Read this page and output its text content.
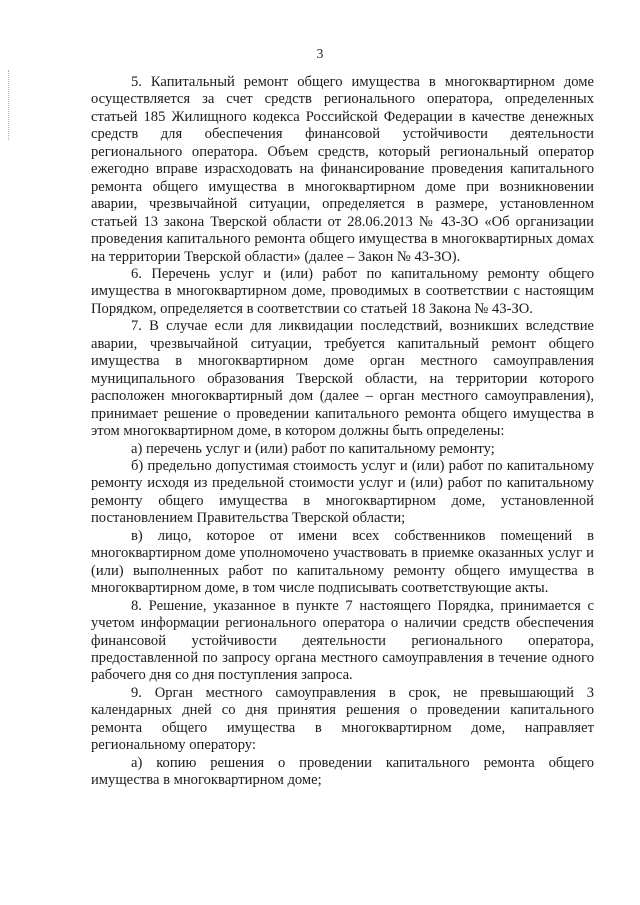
3

5. Капитальный ремонт общего имущества в многоквартирном доме осуществляется за счет средств регионального оператора, определенных статьей 185 Жилищного кодекса Российской Федерации в качестве денежных средств для обеспечения финансовой устойчивости деятельности регионального оператора. Объем средств, который региональный оператор ежегодно вправе израсходовать на финансирование проведения капитального ремонта общего имущества в многоквартирном доме при возникновении аварии, чрезвычайной ситуации, определяется в размере, установленном статьей 13 закона Тверской области от 28.06.2013 № 43-ЗО «Об организации проведения капитального ремонта общего имущества в многоквартирных домах на территории Тверской области» (далее – Закон № 43-ЗО).

6. Перечень услуг и (или) работ по капитальному ремонту общего имущества в многоквартирном доме, проводимых в соответствии с настоящим Порядком, определяется в соответствии со статьей 18 Закона № 43-ЗО.

7. В случае если для ликвидации последствий, возникших вследствие аварии, чрезвычайной ситуации, требуется капитальный ремонт общего имущества в многоквартирном доме орган местного самоуправления муниципального образования Тверской области, на территории которого расположен многоквартирный дом (далее – орган местного самоуправления), принимает решение о проведении капитального ремонта общего имущества в этом многоквартирном доме, в котором должны быть определены:

а) перечень услуг и (или) работ по капитальному ремонту;

б) предельно допустимая стоимость услуг и (или) работ по капитальному ремонту исходя из предельной стоимости услуг и (или) работ по капитальному ремонту общего имущества в многоквартирном доме, установленной постановлением Правительства Тверской области;

в) лицо, которое от имени всех собственников помещений в многоквартирном доме уполномочено участвовать в приемке оказанных услуг и (или) выполненных работ по капитальному ремонту общего имущества в многоквартирном доме, в том числе подписывать соответствующие акты.

8. Решение, указанное в пункте 7 настоящего Порядка, принимается с учетом информации регионального оператора о наличии средств обеспечения финансовой устойчивости деятельности регионального оператора, предоставленной по запросу органа местного самоуправления в течение одного рабочего дня со дня поступления запроса.

9. Орган местного самоуправления в срок, не превышающий 3 календарных дней со дня принятия решения о проведении капитального ремонта общего имущества в многоквартирном доме, направляет региональному оператору:

а) копию решения о проведении капитального ремонта общего имущества в многоквартирном доме;
